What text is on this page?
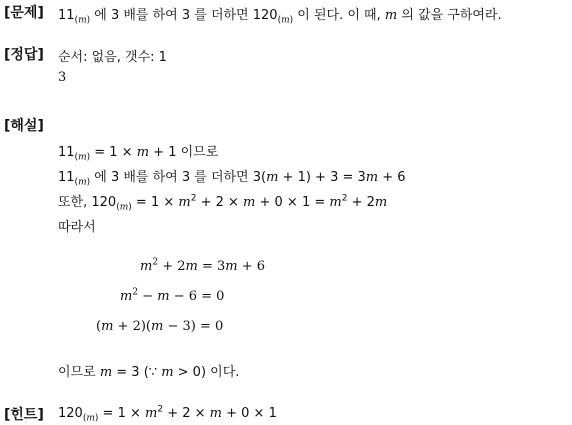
[문제] $11_{(m)}$ 에 3 배를 하여 3 를 더하면 $120_{(m)}$ 이 된다. 이 때, m 의 값을 구하여라.
[정답] 순서: 없음, 갯수: 1
3
[해설]
$11_{(m)} = 1 \times m + 1$ 이므로
$11_{(m)}$ 에 3 배를 하여 3 를 더하면 3(m + 1) + 3 = 3m + 6
또한, $120_{(m)} = 1 \times m^2 + 2 \times m + 0 \times 1 = m^2 + 2m$
따라서
$m^2 + 2m = 3m + 6$
$m^2 - m - 6 = 0$
(m + 2)(m − 3) = 0
이므로 m = 3 (∵ m > 0) 이다.
[힌트] $120_{(m)} = 1 \times m^2 + 2 \times m + 0 \times 1$
